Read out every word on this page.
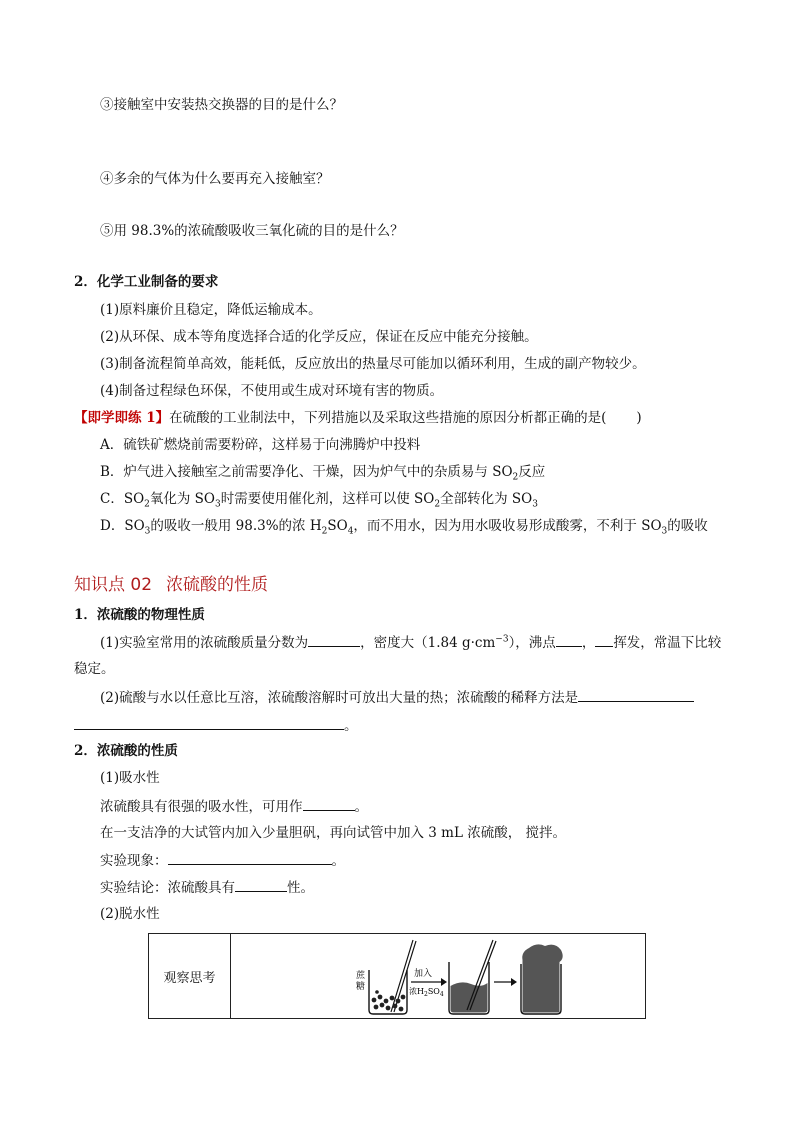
③接触室中安装热交换器的目的是什么？
④多余的气体为什么要再充入接触室？
⑤用 98.3%的浓硫酸吸收三氧化硫的目的是什么？
2．化学工业制备的要求
(1)原料廉价且稳定，降低运输成本。
(2)从环保、成本等角度选择合适的化学反应，保证在反应中能充分接触。
(3)制备流程简单高效，能耗低，反应放出的热量尽可能加以循环利用，生成的副产物较少。
(4)制备过程绿色环保，不使用或生成对环境有害的物质。
【即学即练 1】在硫酸的工业制法中，下列措施以及采取这些措施的原因分析都正确的是( )
A．硫铁矿燃烧前需要粉碎，这样易于向沸腾炉中投料
B．炉气进入接触室之前需要净化、干燥，因为炉气中的杂质易与 $SO_2$反应
C．$SO_2$氧化为 $SO_3$时需要使用催化剂，这样可以使 $SO_2$全部转化为 $SO_3$
D．$SO_3$的吸收一般用 98.3%的浓 $H_2SO_4$，而不用水，因为用水吸收易形成酸雾，不利于 $SO_3$的吸收
知识点 02 浓硫酸的性质
1．浓硫酸的物理性质
(1)实验室常用的浓硫酸质量分数为	，密度大（1.84 $g\cdot cm^{-3}$），沸点 ， 挥发，常温下比较
稳定。
(2)硫酸与水以任意比互溶，浓硫酸溶解时可放出大量的热；浓硫酸的稀释方法是
。
2．浓硫酸的性质
(1)吸水性
浓硫酸具有很强的吸水性，可用作	。
在一支洁净的大试管内加入少量胆矾，再向试管中加入 3 mL 浓硫酸， 搅拌。
实验现象：	。
实验结论：浓硫酸具有	性。
(2)脱水性
观察思考	蔗
糖
加入
浓$H_2SO_4$
